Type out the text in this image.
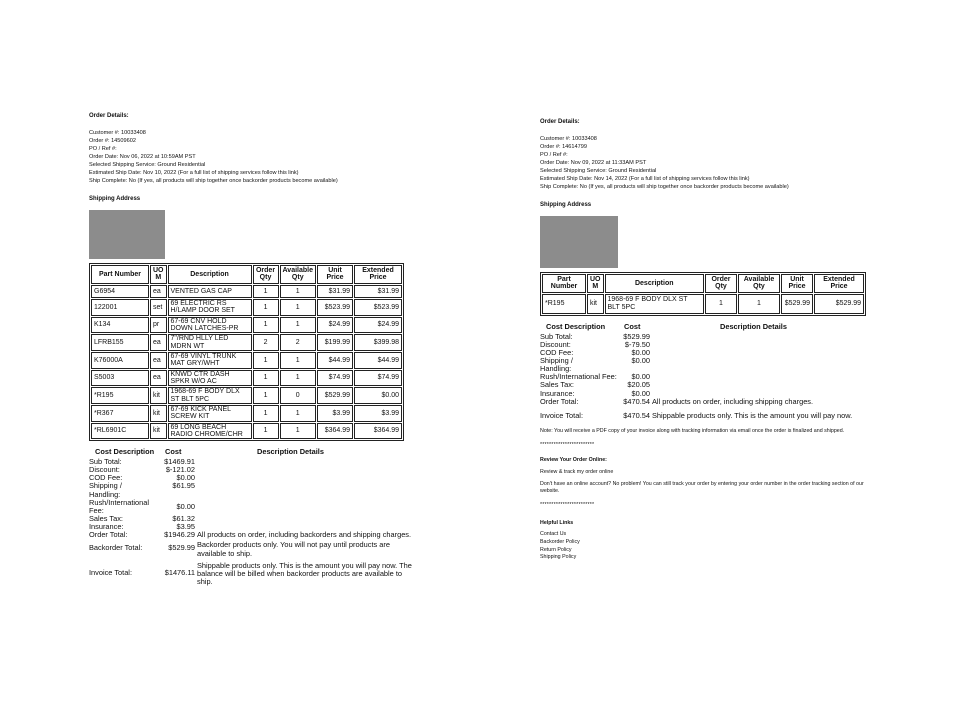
Order Details:
Customer #: 10033408
Order #: 14509602
PO / Ref #:
Order Date: Nov 06, 2022 at 10:59AM PST
Selected Shipping Service: Ground Residential
Estimated Ship Date: Nov 10, 2022 (For a full list of shipping services follow this link)
Ship Complete: No (If yes, all products will ship together once backorder products become available)
Shipping Address
Part Number	UO M	Description	Order Qty	Available Qty	Unit Price	Extended Price
G6954	ea	VENTED GAS CAP	1	1	$31.99	$31.99
122001	set	69 ELECTRIC RS H/LAMP DOOR SET	1	1	$523.99	$523.99
K134	pr	67-69 CNV HOLD DOWN LATCHES-PR	1	1	$24.99	$24.99
LFRB155	ea	7"/RND HLLY LED MDRN WT	2	2	$199.99	$399.98
K76000A	ea	67-69 VINYL TRUNK MAT GRY/WHT	1	1	$44.99	$44.99
S5003	ea	KNWD CTR DASH SPKR W/O AC	1	1	$74.99	$74.99
*R195	kit	1968-69 F BODY DLX ST BLT 5PC	1	0	$529.99	$0.00
*R367	kit	67-69 KICK PANEL SCREW KIT	1	1	$3.99	$3.99
*RL6901C	kit	69 LONG BEACH RADIO CHROME/CHR	1	1	$364.99	$364.99
Cost Description	Cost	Description Details
Sub Total:	$1469.91
Discount:	$-121.02
COD Fee:	$0.00
Shipping / Handling:
$61.95
Rush/International Fee:	$0.00
Sales Tax:	$61.32
Insurance:	$3.95
Order Total:	$1946.29 All products on order, including backorders and shipping charges.
Backorder Total:	$529.99 Backorder products only. You will not pay until products are available to ship.
Invoice Total:	$1476.11
Shippable products only. This is the amount you will pay now. The balance will be billed when backorder products are available to ship.
Order Details:
Customer #: 10033408
Order #: 14614799
PO / Ref #:
Order Date: Nov 09, 2022 at 11:33AM PST
Selected Shipping Service: Ground Residential
Estimated Ship Date: Nov 14, 2022 (For a full list of shipping services follow this link)
Ship Complete: No (If yes, all products will ship together once backorder products become available)
Shipping Address
Part Number	UO M	Description	Order Qty	Available Qty	Unit Price	Extended Price
*R195	kit	1968-69 F BODY DLX ST BLT 5PC	1	1	$529.99	$529.99
Cost Description	Cost	Description Details
Sub Total:	$529.99
Discount:	$-79.50
COD Fee:	$0.00
Shipping / Handling:
$0.00
Rush/International Fee:	$0.00
Sales Tax:	$20.05
Insurance:	$0.00
Order Total:	$470.54 All products on order, including shipping charges.
Invoice Total:	$470.54 Shippable products only. This is the amount you will pay now.
Note: You will receive a PDF copy of your invoice along with tracking information via email once the order is finalized and shipped.
************************
Review Your Order Online:
Review & track my order online
Don't have an online account? No problem! You can still track your order by entering your order number in the order tracking section of our website.
************************
Helpful Links
Contact Us
Backorder Policy
Return Policy
Shipping Policy
